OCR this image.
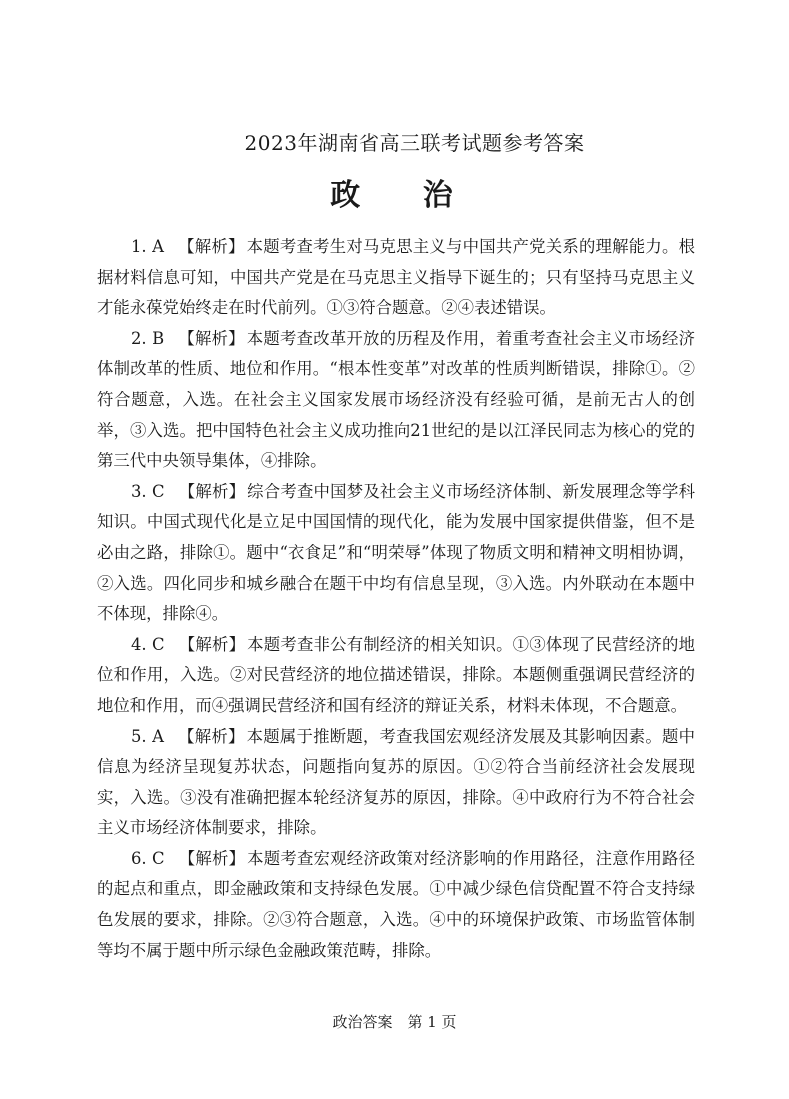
2023年湖南省高三联考试题参考答案
政 治

1. A 【解析】 本题考查考生对马克思主义与中国共产党关系的理解能力。根据材料信息可知，中国共产党是在马克思主义指导下诞生的；只有坚持马克思主义才能永葆党始终走在时代前列。①③符合题意。②④表述错误。

2. B 【解析】 本题考查改革开放的历程及作用，着重考查社会主义市场经济体制改革的性质、地位和作用。“根本性变革”对改革的性质判断错误，排除①。②符合题意，入选。在社会主义国家发展市场经济没有经验可循，是前无古人的创举，③入选。把中国特色社会主义成功推向21世纪的是以江泽民同志为核心的党的第三代中央领导集体，④排除。

3. C 【解析】 综合考查中国梦及社会主义市场经济体制、新发展理念等学科知识。中国式现代化是立足中国国情的现代化，能为发展中国家提供借鉴，但不是必由之路，排除①。题中“衣食足”和“明荣辱”体现了物质文明和精神文明相协调，②入选。四化同步和城乡融合在题干中均有信息呈现，③入选。内外联动在本题中不体现，排除④。

4. C 【解析】 本题考查非公有制经济的相关知识。①③体现了民营经济的地位和作用，入选。②对民营经济的地位描述错误，排除。本题侧重强调民营经济的地位和作用，而④强调民营经济和国有经济的辩证关系，材料未体现，不合题意。

5. A 【解析】 本题属于推断题，考查我国宏观经济发展及其影响因素。题中信息为经济呈现复苏状态，问题指向复苏的原因。①②符合当前经济社会发展现实，入选。③没有准确把握本轮经济复苏的原因，排除。④中政府行为不符合社会主义市场经济体制要求，排除。

6. C 【解析】 本题考查宏观经济政策对经济影响的作用路径，注意作用路径的起点和重点，即金融政策和支持绿色发展。①中减少绿色信贷配置不符合支持绿色发展的要求，排除。②③符合题意，入选。④中的环境保护政策、市场监管体制等均不属于题中所示绿色金融政策范畴，排除。

政治答案　第 1 页
